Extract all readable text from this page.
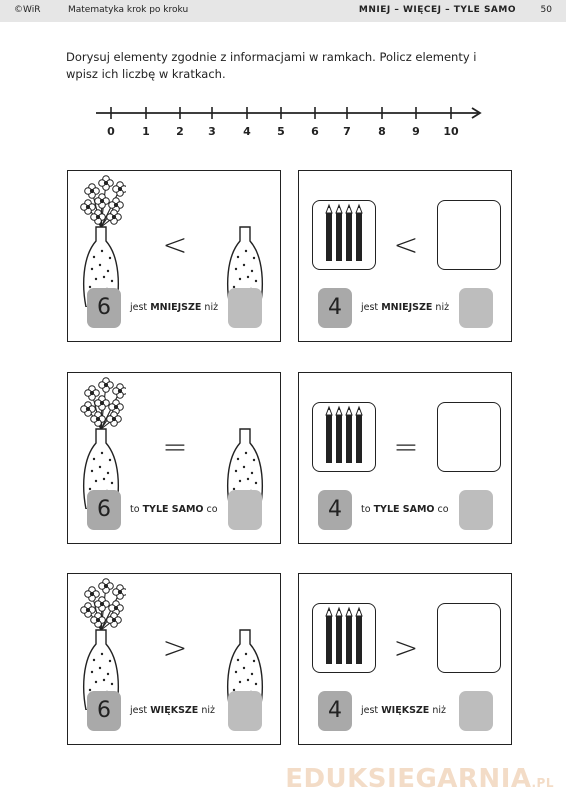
©WiR	Matematyka krok po kroku	MNIEJ – WIĘCEJ – TYLE SAMO	50
Dorysuj elementy zgodnie z informacjami w ramkach. Policz elementy i wpisz ich liczbę w kratkach.
0 1 2 3 4 5 6 7 8 9 10
<
6	jest MNIEJSZE niż
<
4	jest MNIEJSZE niż
=
6	to TYLE SAMO co
=
4	to TYLE SAMO co
>
6	jest WIĘKSZE niż
>
4	jest WIĘKSZE niż
EDUKSIEGARNIA.PL
